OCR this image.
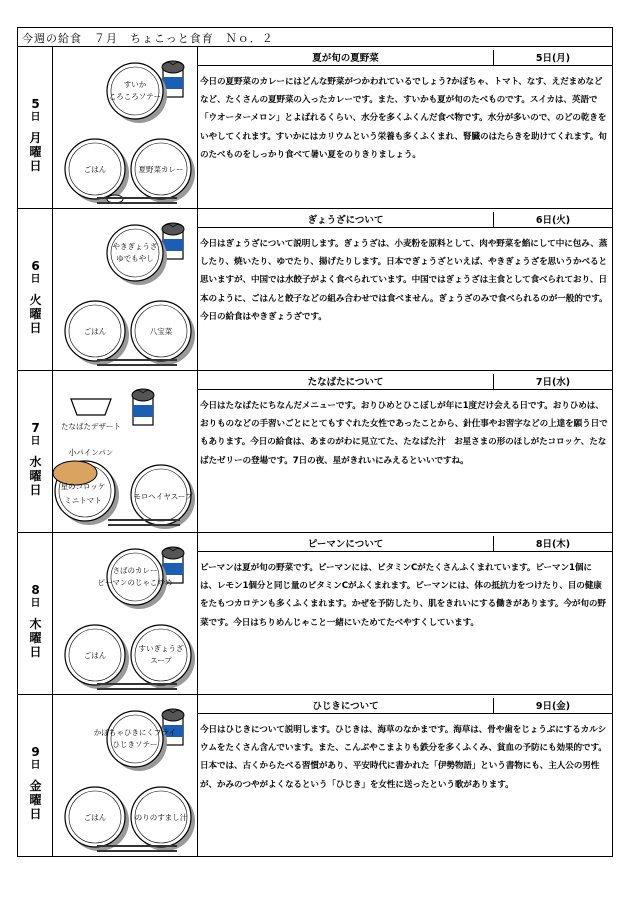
今週の給食　７月　ちょこっと食育　Ｎｏ．２
5
日
月
曜
日
すいか
ころころソテー
ごはん	夏野菜カレー
夏が旬の夏野菜	5日(月)
今日の夏野菜のカレーにはどんな野菜がつかわれているでしょう?かぼちゃ、トマト、なす、えだまめなどなど、たくさんの夏野菜の入ったカレーです。また、すいかも夏が旬のたべものです。スイカは、英語で「ウオーターメロン」とよばれるくらい、水分を多くふくんだ食べ物です。水分が多いので、のどの乾きをいやしてくれます。すいかにはカリウムという栄養も多くふくまれ、腎臓のはたらきを助けてくれます。旬のたべものをしっかり食べて暑い夏をのりきりましょう。
6
日
火
曜
日
やきぎょうざ
ゆでもやし
ごはん	八宝菜
ぎょうざについて	6日(火)
今日はぎょうざについて説明します。ぎょうざは、小麦粉を原料として、肉や野菜を餡にして中に包み、蒸したり、焼いたり、ゆでたり、揚げたりします。日本でぎょうざといえば、やきぎょうざを思いうかべると思いますが、中国では水餃子がよく食べられています。中国ではぎょうざは主食として食べられており、日本のように、ごはんと餃子などの組み合わせでは食べません。ぎょうざのみで食べられるのが一般的です。今日の給食はやきぎょうざです。
7
日
水
曜
日
たなばたデザート
小パインパン
星のコロッケ
ミニトマト	モロヘイヤスープ
たなばたについて	7日(水)
今日はたなばたにちなんだメニューです。おりひめとひこぼしが年に1度だけ会える日です。おりひめは、おりものなどの手習いごとにとてもすぐれた女性であったことから、針仕事やお習字などの上達を願う日でもあります。今日の給食は、あまのがわに見立てた、たなばた汁　お星さまの形のほしがたコロッケ、たなばたゼリーの登場です。7日の夜、星がきれいにみえるといいですね。
8
日
木
曜
日
さばのカレー
ピーマンのじゃこ炒め
ごはん
すいぎょうざ
スープ
ピーマンについて	8日(木)
ピーマンは夏が旬の野菜です。ピーマンには、ビタミンCがたくさんふくまれています。ピーマン1個には、レモン1個分と同じ量のビタミンCがふくまれます。ピーマンには、体の抵抗力をつけたり、目の健康をたもつカロテンも多くふくまれます。かぜを予防したり、肌をきれいにする働きがあります。今が旬の野菜です。今日はちりめんじゃこと一緒にいためてたべやすくしています。
9
日
金
曜
日
かぼちゃひきにくフライ
ひじきソテー
ごはん	のりのすまし汁
ひじきについて	9日(金)
今日はひじきについて説明します。ひじきは、海草のなかまです。海草は、骨や歯をじょうぶにするカルシウムをたくさん含んでいます。また、こんぶやこまよりも鉄分を多くふくみ、貧血の予防にも効果的です。日本では、古くからたべる習慣があり、平安時代に書かれた「伊勢物語」という書物にも、主人公の男性が、かみのつやがよくなるという「ひじき」を女性に送ったという歌があります。
